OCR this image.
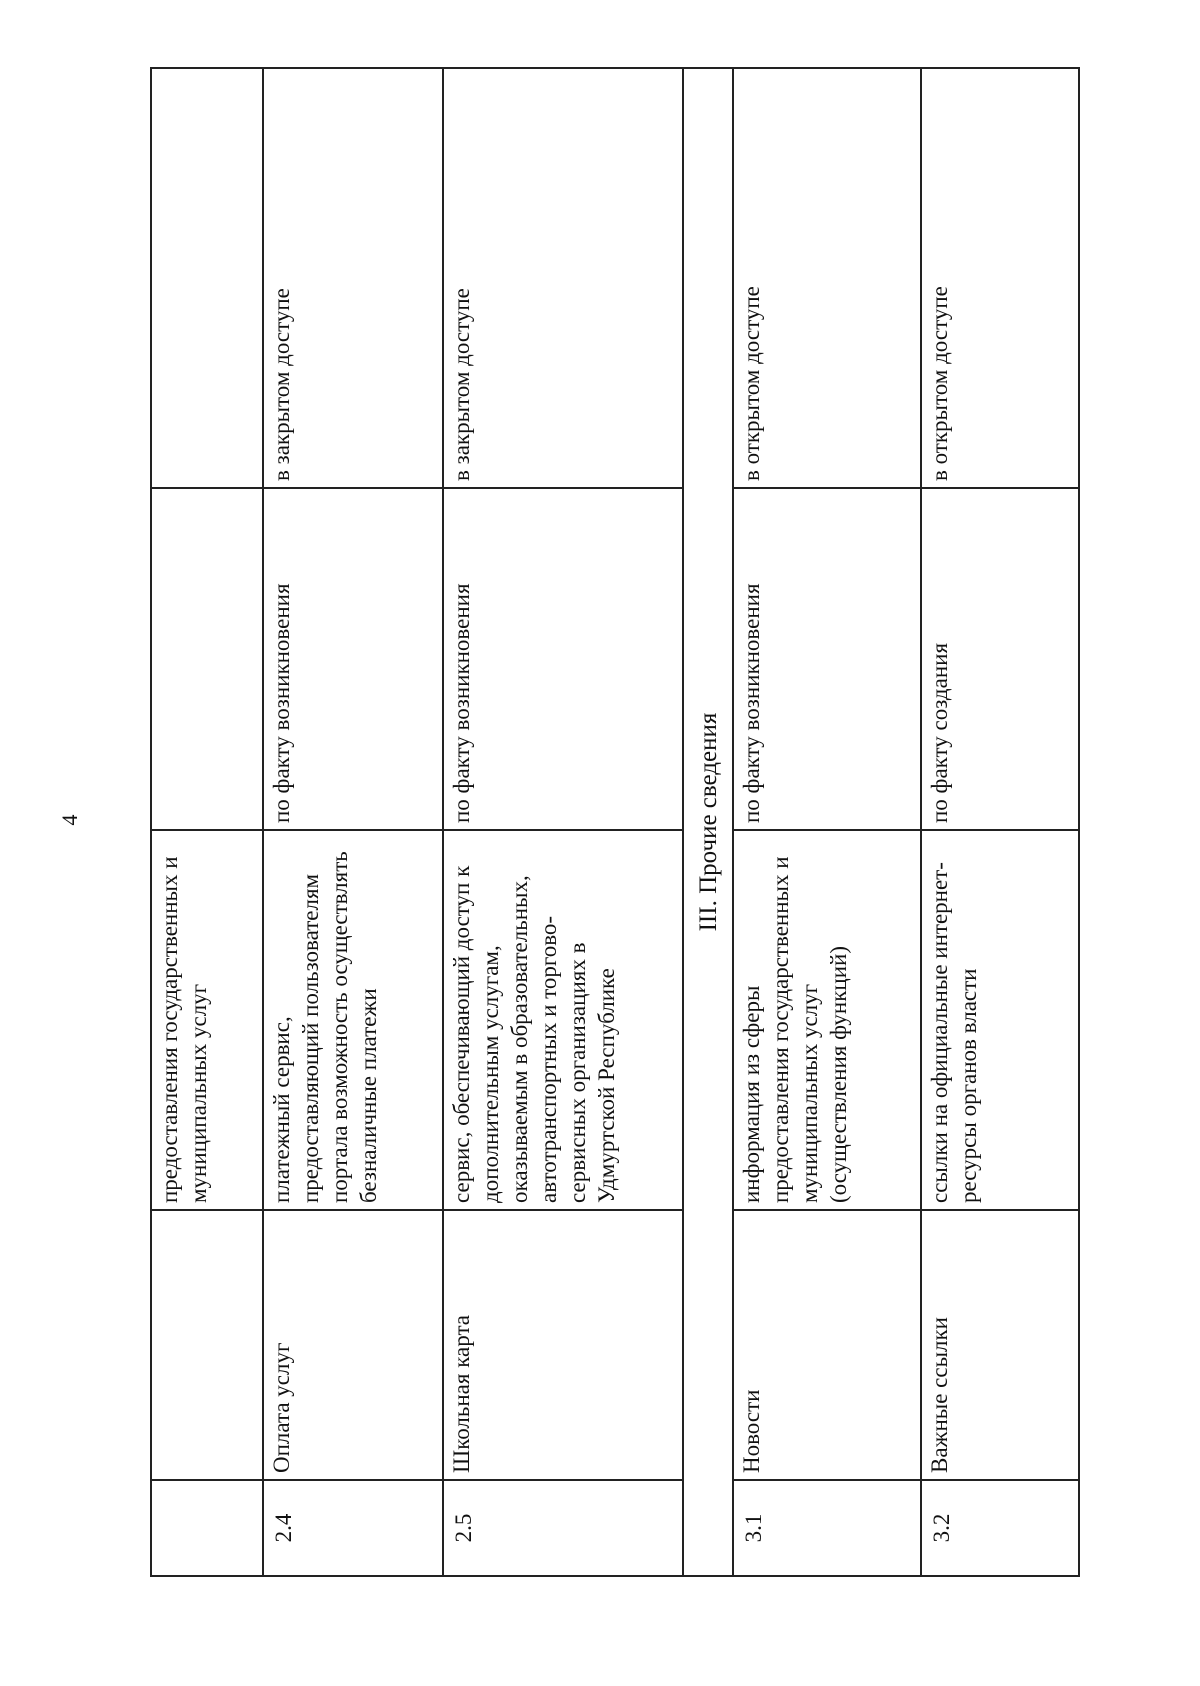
4
		предоставления государственных и муниципальных услуг		
2.4	Оплата услуг	платежный сервис, предоставляющий пользователям портала возможность осуществлять безналичные платежи	по факту возникновения	в закрытом доступе
2.5	Школьная карта	сервис, обеспечивающий доступ к дополнительным услугам, оказываемым в образовательных, автотранспортных и торгово-сервисных организациях в Удмуртской Республике	по факту возникновения	в закрытом доступе
III. Прочие сведения				
3.1	Новости	информация из сферы предоставления государственных и муниципальных услуг (осуществления функций)	по факту возникновения	в открытом доступе
3.2	Важные ссылки	ссылки на официальные интернет-ресурсы органов власти	по факту создания	в открытом доступе
